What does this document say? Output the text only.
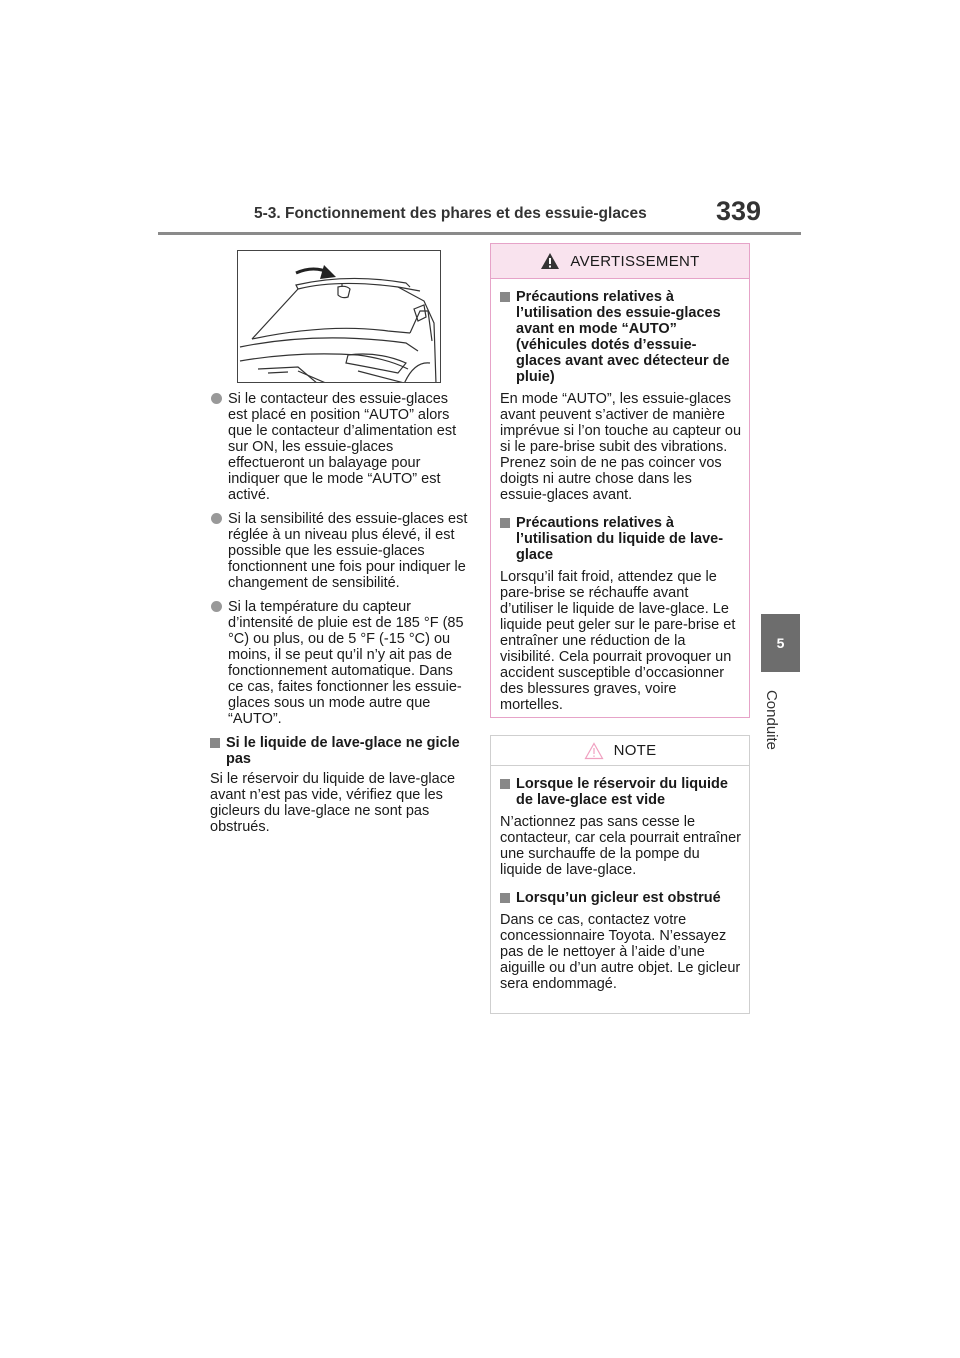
5-3. Fonctionnement des phares et des essuie-glaces	339
5
Conduite
Si le contacteur des essuie-glaces est placé en position “AUTO” alors que le contacteur d’alimentation est sur ON, les essuie-glaces effectueront un balayage pour indiquer que le mode “AUTO” est activé.
Si la sensibilité des essuie-glaces est réglée à un niveau plus élevé, il est possible que les essuie-glaces fonctionnent une fois pour indiquer le changement de sensibilité.
Si la température du capteur d’intensité de pluie est de 185 °F (85 °C) ou plus, ou de 5 °F (-15 °C) ou moins, il se peut qu’il n’y ait pas de fonctionnement automatique. Dans ce cas, faites fonctionner les essuie-glaces sous un mode autre que “AUTO”.
Si le liquide de lave-glace ne gicle pas

Si le réservoir du liquide de lave-glace avant n’est pas vide, vérifiez que les gicleurs du lave-glace ne sont pas obstrués.

AVERTISSEMENT
Précautions relatives à l’utilisation des essuie-glaces avant en mode “AUTO” (véhicules dotés d’essuie-glaces avant avec détecteur de pluie)

En mode “AUTO”, les essuie-glaces avant peuvent s’activer de manière imprévue si l’on touche au capteur ou si le pare-brise subit des vibrations. Prenez soin de ne pas coincer vos doigts ni autre chose dans les essuie-glaces avant.

Précautions relatives à l’utilisation du liquide de lave-glace

Lorsqu’il fait froid, attendez que le pare-brise se réchauffe avant d’utiliser le liquide de lave-glace. Le liquide peut geler sur le pare-brise et entraîner une réduction de la visibilité. Cela pourrait provoquer un accident susceptible d’occasionner des blessures graves, voire mortelles.

NOTE
Lorsque le réservoir du liquide de lave-glace est vide

N’actionnez pas sans cesse le contacteur, car cela pourrait entraîner une surchauffe de la pompe du liquide de lave-glace.

Lorsqu’un gicleur est obstrué

Dans ce cas, contactez votre concessionnaire Toyota. N’essayez pas de le nettoyer à l’aide d’une aiguille ou d’un autre objet. Le gicleur sera endommagé.
